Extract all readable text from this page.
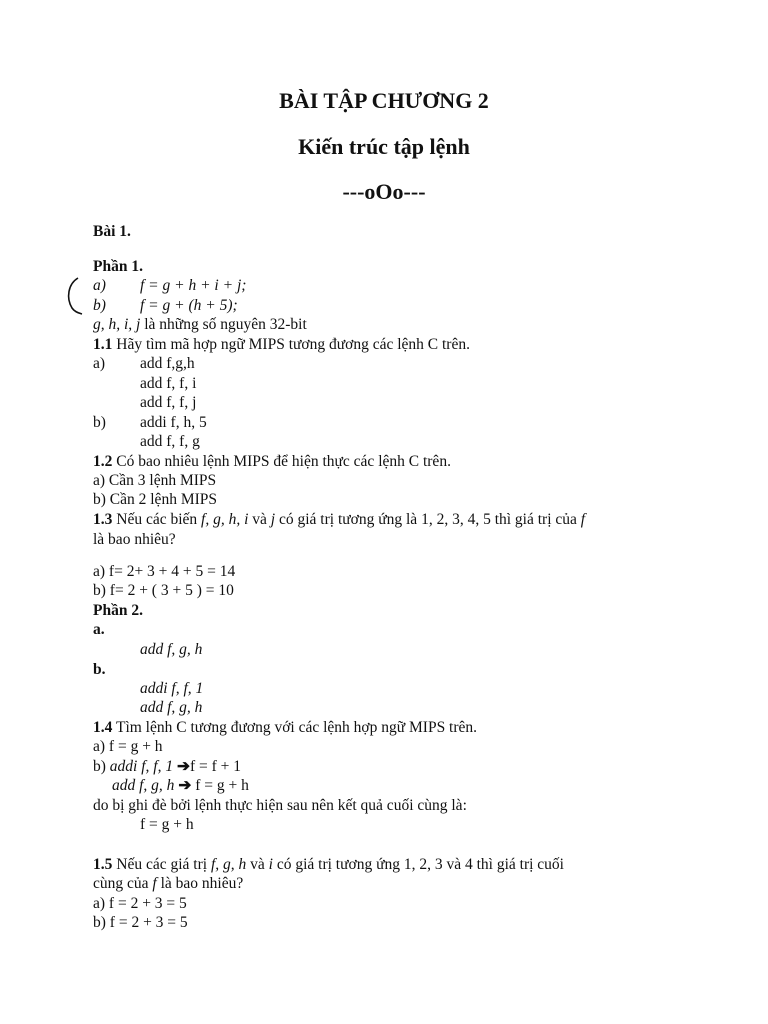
BÀI TẬP CHƯƠNG 2
Kiến trúc tập lệnh
---oOo---
Bài 1.
Phần 1.
a) f = g + h + i + j;
b) f = g + (h + 5);
g, h, i, j là những số nguyên 32-bit
1.1 Hãy tìm mã hợp ngữ MIPS tương đương các lệnh C trên.
a) add f,g,h
add f, f, i
add f, f, j
b) addi f, h, 5
add f, f, g
1.2 Có bao nhiêu lệnh MIPS để hiện thực các lệnh C trên.
a) Cần 3 lệnh MIPS
b) Cần 2 lệnh MIPS
1.3 Nếu các biến f, g, h, i và j có giá trị tương ứng là 1, 2, 3, 4, 5 thì giá trị của f
là bao nhiêu?
a) f= 2+ 3 + 4 + 5 = 14
b) f= 2 + ( 3 + 5 ) = 10
Phần 2.
a.
add f, g, h
b.
addi f, f, 1
add f, g, h
1.4 Tìm lệnh C tương đương với các lệnh hợp ngữ MIPS trên.
a) f = g + h
b) addi f, f, 1 ➔f = f + 1
add f, g, h ➔ f = g + h
do bị ghi đè bởi lệnh thực hiện sau nên kết quả cuối cùng là:
f = g + h
1.5 Nếu các giá trị f, g, h và i có giá trị tương ứng 1, 2, 3 và 4 thì giá trị cuối
cùng của f là bao nhiêu?
a) f = 2 + 3 = 5
b) f = 2 + 3 = 5
